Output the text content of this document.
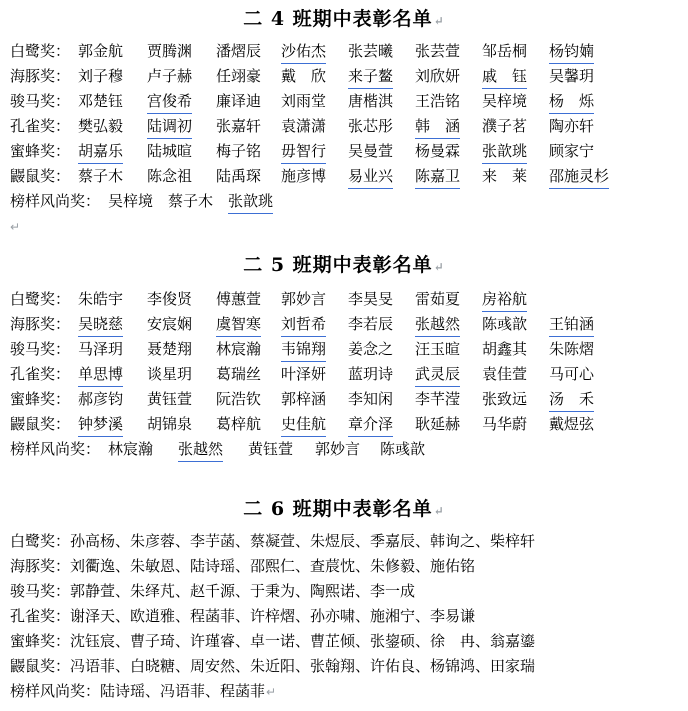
二 4 班期中表彰名单↵
白鹭奖： 郭金航 贾腾渊 潘熠辰 沙佑杰 张芸曦 张芸萱 邹岳桐 杨钧婻
海豚奖： 刘子穆 卢子赫 任翊豪 戴　欣 来子鳌 刘欣妍 戚　钰 吴馨玥
骏马奖： 邓楚钰 宫俊希 廉译迪 刘雨堂 唐楷淇 王浩铭 吴梓境 杨　烁
孔雀奖： 樊弘毅 陆调初 张嘉轩 袁潇潇 张芯彤 韩　涵 濮子茗 陶亦轩
蜜蜂奖： 胡嘉乐 陆城暄 梅子铭 毋智行 吴曼萱 杨曼霖 张歆珧 顾家宁
鼹鼠奖： 蔡子木 陈念祖 陆禹琛 施彦博 易业兴 陈嘉卫 来　莱 邵施灵杉
榜样风尚奖： 吴梓境 蔡子木 张歆珧
↵
二 5 班期中表彰名单↵
白鹭奖： 朱皓宇 李俊贤 傅蕙萱 郭妙言 李昊旻 雷茹夏 房裕航
海豚奖： 吴晓慈 安宸娴 虞智寒 刘哲希 李若辰 张越然 陈彧歆 王铂涵
骏马奖： 马泽玥 聂楚翔 林宸瀚 韦锦翔 姜念之 汪玉暄 胡鑫其 朱陈熠
孔雀奖： 单思博 谈星玥 葛瑞丝 叶泽妍 蓝玥诗 武灵辰 袁佳萱 马可心
蜜蜂奖： 郝彦钧 黄钰萱 阮浩钦 郭梓涵 李知闲 李芊滢 张致远 汤　禾
鼹鼠奖： 钟梦溪 胡锦泉 葛梓航 史佳航 章介泽 耿延赫 马华蔚 戴煜弦
榜样风尚奖： 林宸瀚 张越然 黄钰萱 郭妙言 陈彧歆
二 6 班期中表彰名单↵
白鹭奖：孙高杨、朱彦蓉、李芋菡、蔡凝萱、朱煜辰、季嘉辰、韩询之、柴梓轩
海豚奖：刘衢逸、朱敏恩、陆诗瑶、邵熙仁、查莀忱、朱修毅、施佑铭
骏马奖：郭静萱、朱绎芃、赵千源、于秉为、陶熙诺、李一成
孔雀奖：谢泽天、欧逍雅、程菡菲、许梓熠、孙亦啸、施湘宁、李易谦
蜜蜂奖：沈钰宸、曹子琦、许瑾睿、卓一诺、曹芷倾、张鋆硕、徐　冉、翁嘉鎏
鼹鼠奖：冯语菲、白晓糖、周安然、朱近阳、张翰翔、许佑良、杨锦鸿、田家瑞
榜样风尚奖：陆诗瑶、冯语菲、程菡菲↵
